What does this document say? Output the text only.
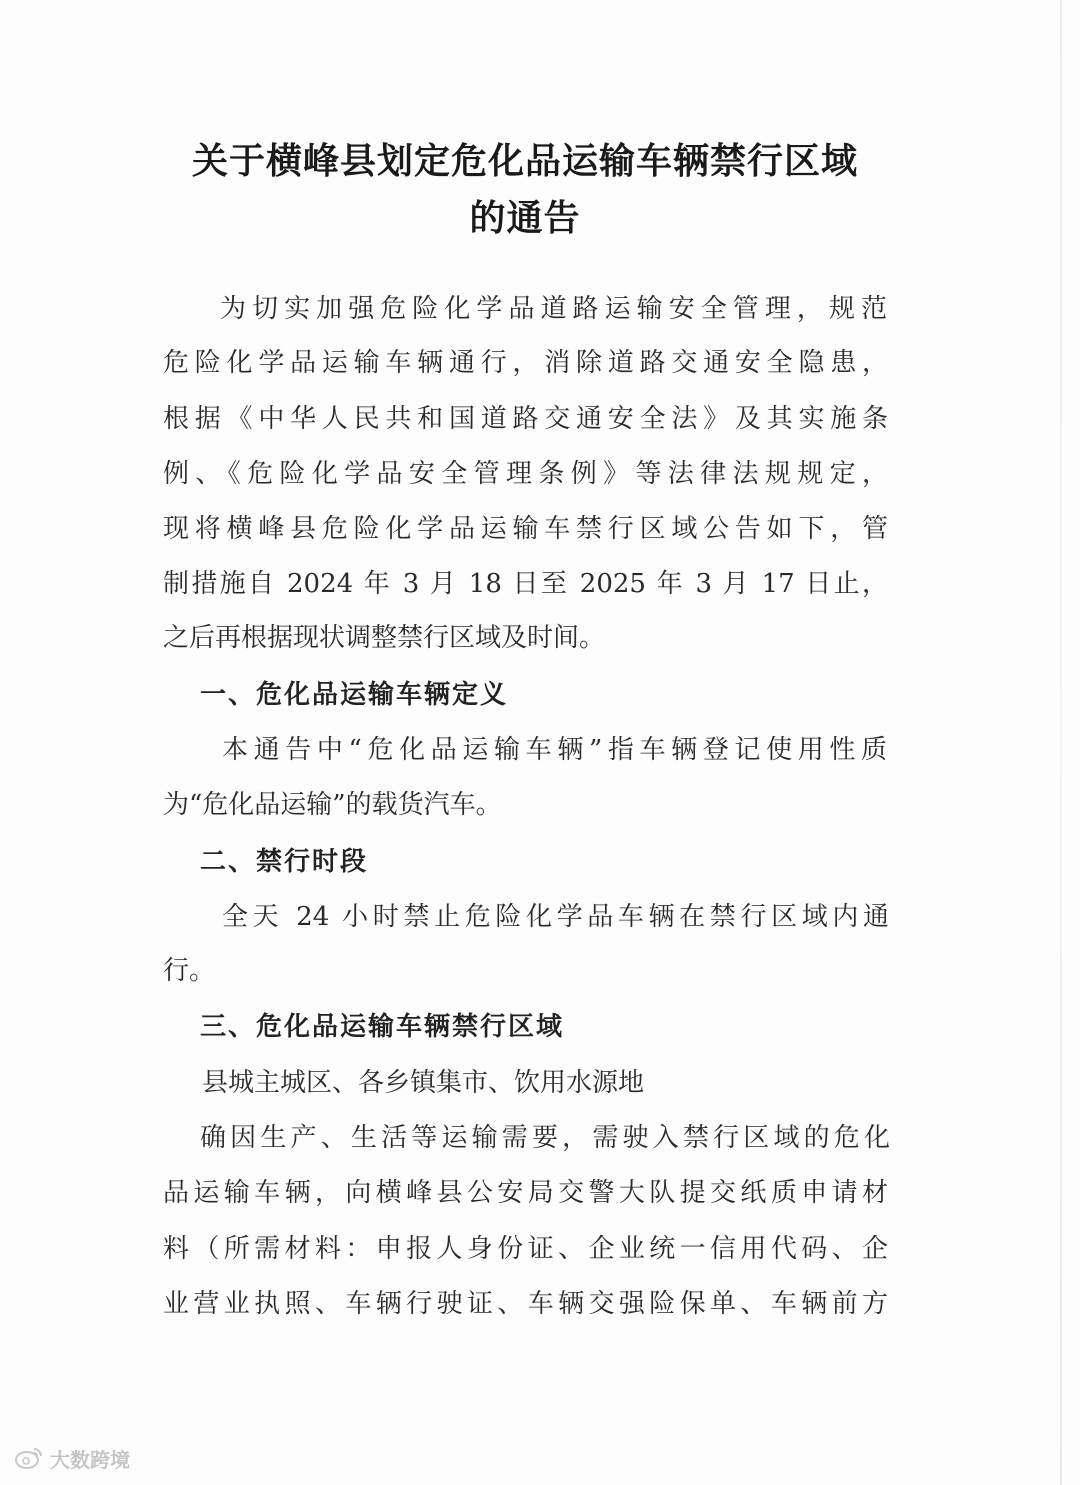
关于横峰县划定危化品运输车辆禁行区域
的通告
为切实加强危险化学品道路运输安全管理，规范
危险化学品运输车辆通行，消除道路交通安全隐患，
根据《中华人民共和国道路交通安全法》及其实施条
例、《危险化学品安全管理条例》等法律法规规定，
现将横峰县危险化学品运输车禁行区域公告如下，管
制措施自 2024 年 3 月 18 日至 2025 年 3 月 17 日止，
之后再根据现状调整禁行区域及时间。
一、危化品运输车辆定义
本通告中“危化品运输车辆”指车辆登记使用性质
为“危化品运输”的载货汽车。
二、禁行时段
全天 24 小时禁止危险化学品车辆在禁行区域内通
行。
三、危化品运输车辆禁行区域
县城主城区、各乡镇集市、饮用水源地
确因生产、生活等运输需要，需驶入禁行区域的危化
品运输车辆，向横峰县公安局交警大队提交纸质申请材
料（所需材料：申报人身份证、企业统一信用代码、企
业营业执照、车辆行驶证、车辆交强险保单、车辆前方
大数跨境
